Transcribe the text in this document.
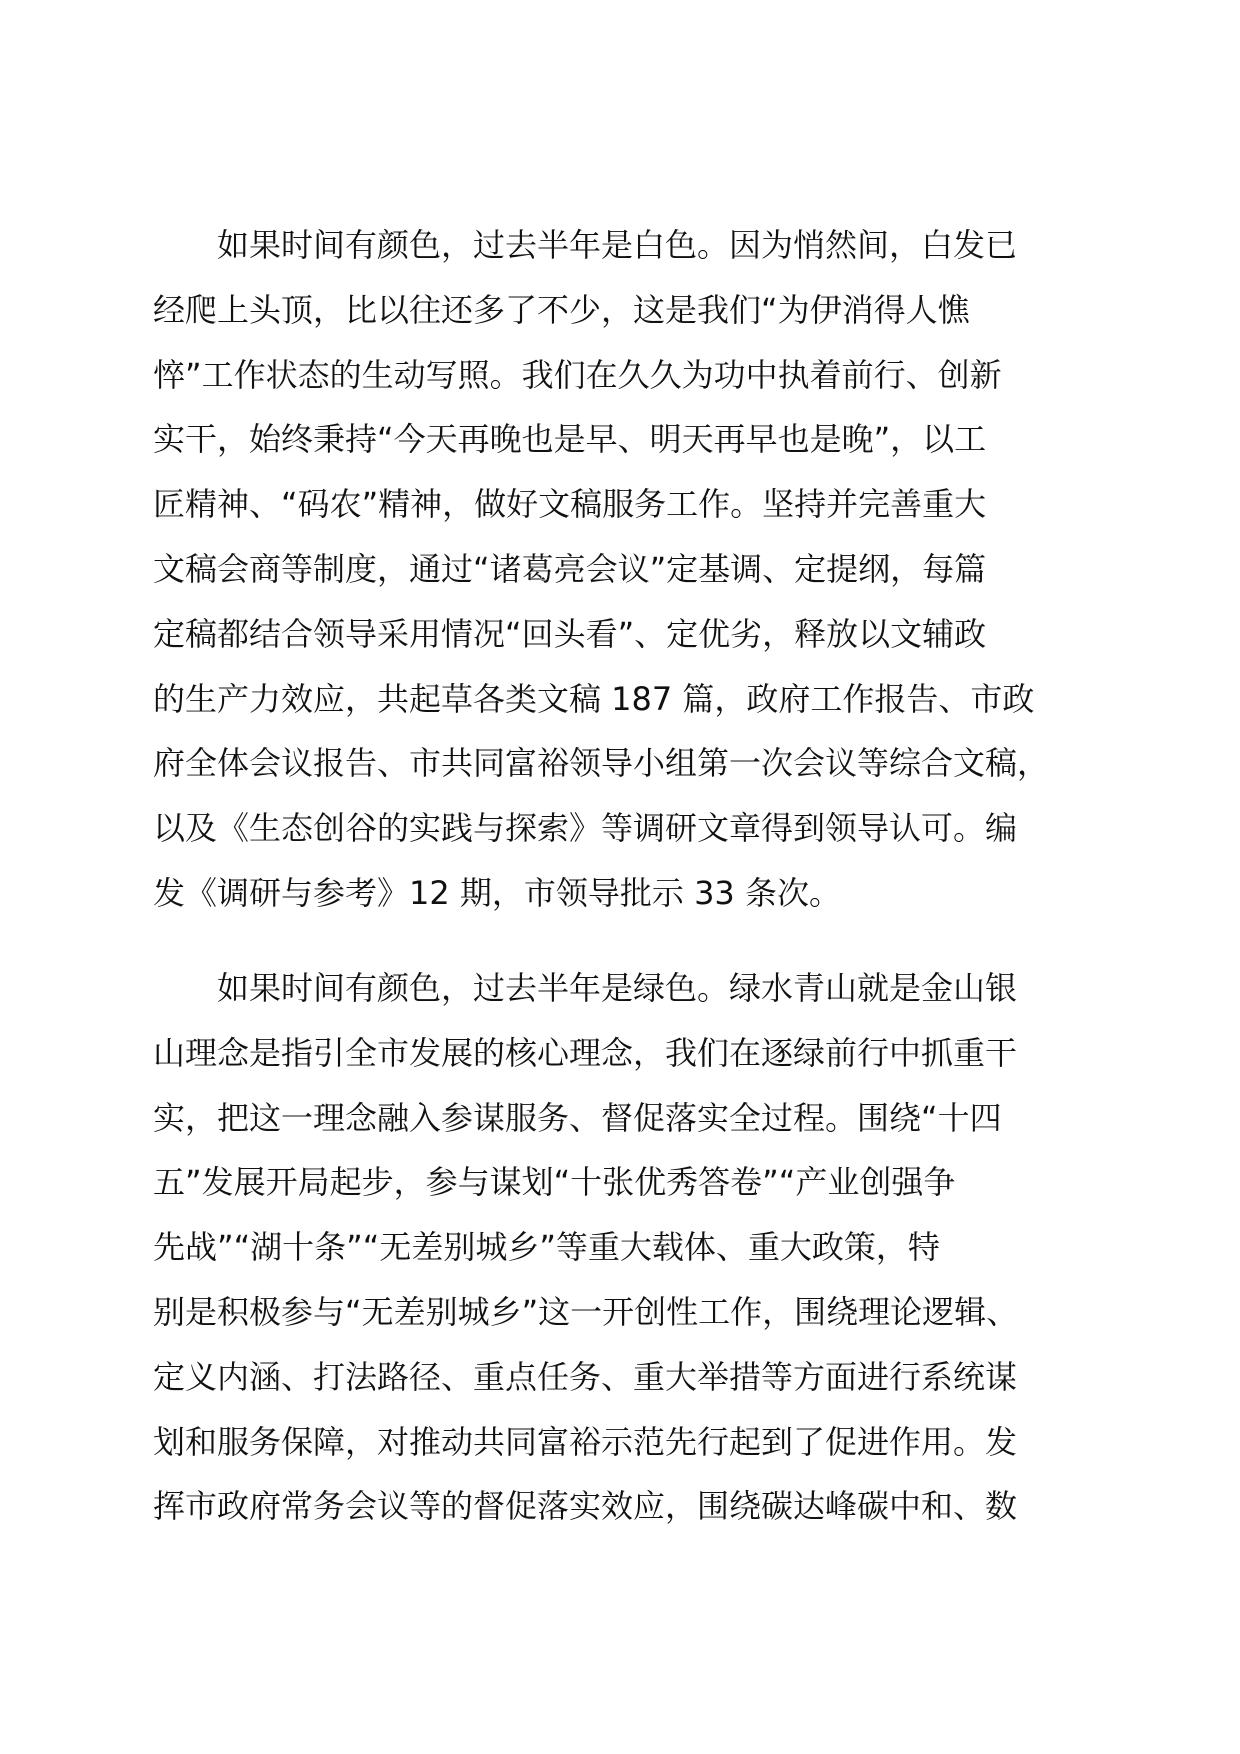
如果时间有颜色，过去半年是白色。因为悄然间，白发已
经爬上头顶，比以往还多了不少，这是我们“为伊消得人憔
悴”工作状态的生动写照。我们在久久为功中执着前行、创新
实干，始终秉持“今天再晚也是早、明天再早也是晚”，以工
匠精神、“码农”精神，做好文稿服务工作。坚持并完善重大
文稿会商等制度，通过“诸葛亮会议”定基调、定提纲，每篇
定稿都结合领导采用情况“回头看”、定优劣，释放以文辅政
的生产力效应，共起草各类文稿 187 篇，政府工作报告、市政
府全体会议报告、市共同富裕领导小组第一次会议等综合文稿，
以及《生态创谷的实践与探索》等调研文章得到领导认可。编
发《调研与参考》12 期，市领导批示 33 条次。
如果时间有颜色，过去半年是绿色。绿水青山就是金山银
山理念是指引全市发展的核心理念，我们在逐绿前行中抓重干
实，把这一理念融入参谋服务、督促落实全过程。围绕“十四
五”发展开局起步，参与谋划“十张优秀答卷”“产业创强争
先战”“湖十条”“无差别城乡”等重大载体、重大政策，特
别是积极参与“无差别城乡”这一开创性工作，围绕理论逻辑、
定义内涵、打法路径、重点任务、重大举措等方面进行系统谋
划和服务保障，对推动共同富裕示范先行起到了促进作用。发
挥市政府常务会议等的督促落实效应，围绕碳达峰碳中和、数
